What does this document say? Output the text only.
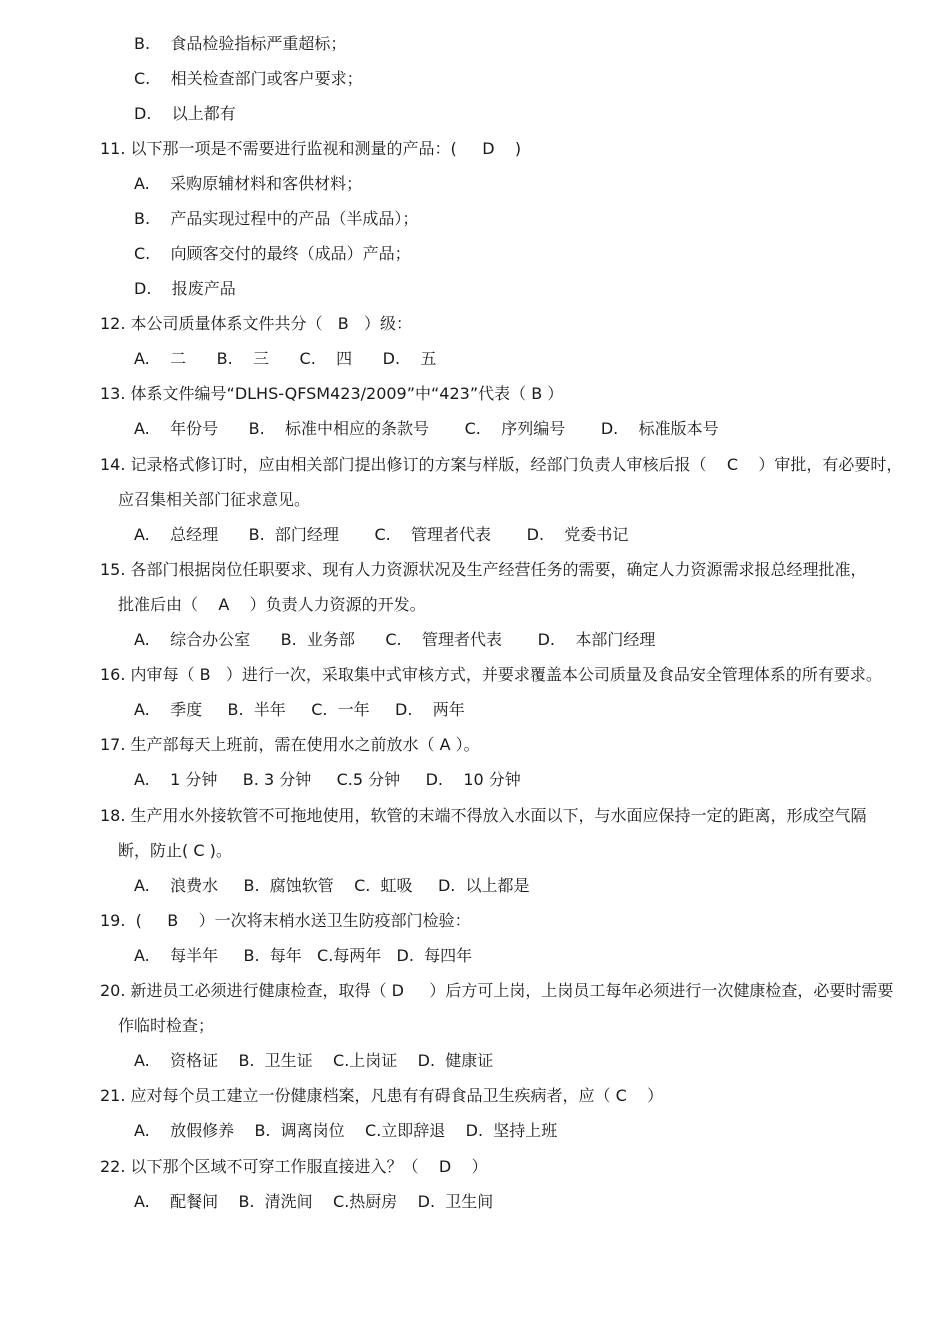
B.    食品检验指标严重超标；
C.    相关检查部门或客户要求；
D.    以上都有
11. 以下那一项是不需要进行监视和测量的产品：(     D    )
A.    采购原辅材料和客供材料；
B.    产品实现过程中的产品（半成品）；
C.    向顾客交付的最终（成品）产品；
D.    报废产品
12. 本公司质量体系文件共分（   B   ）级：
A.    二      B.    三      C.    四      D.    五
13. 体系文件编号“DLHS-QFSM423/2009”中“423”代表（ B ）
A.    年份号      B.    标准中相应的条款号       C.    序列编号       D.    标准版本号
14. 记录格式修订时，应由相关部门提出修订的方案与样版，经部门负责人审核后报（    C    ）审批，有必要时，
应召集相关部门征求意见。
A.    总经理      B.  部门经理       C.    管理者代表       D.    党委书记
15. 各部门根据岗位任职要求、现有人力资源状况及生产经营任务的需要，确定人力资源需求报总经理批准，
批准后由（    A    ）负责人力资源的开发。
A.    综合办公室      B.  业务部      C.    管理者代表       D.    本部门经理
16. 内审每（ B   ）进行一次，采取集中式审核方式，并要求覆盖本公司质量及食品安全管理体系的所有要求。
A.    季度     B.  半年     C.  一年     D.    两年
17. 生产部每天上班前，需在使用水之前放水（ A ）。
A.    1 分钟     B. 3 分钟     C.5 分钟     D.    10 分钟
18. 生产用水外接软管不可拖地使用，软管的末端不得放入水面以下，与水面应保持一定的距离，形成空气隔
断，防止( C )。
A.    浪费水     B.  腐蚀软管    C.  虹吸     D.  以上都是
19.  (     B    ）一次将末梢水送卫生防疫部门检验：
A.    每半年     B.  每年   C.每两年   D.  每四年
20. 新进员工必须进行健康检查，取得（ D     ）后方可上岗，上岗员工每年必须进行一次健康检查，必要时需要
作临时检查；
A.    资格证    B.  卫生证    C.上岗证    D.  健康证
21. 应对每个员工建立一份健康档案，凡患有有碍食品卫生疾病者，应（ C    ）
A.    放假修养    B.  调离岗位    C.立即辞退    D.  坚持上班
22. 以下那个区域不可穿工作服直接进入？（    D    ）
A.    配餐间    B.  清洗间    C.热厨房    D.  卫生间
